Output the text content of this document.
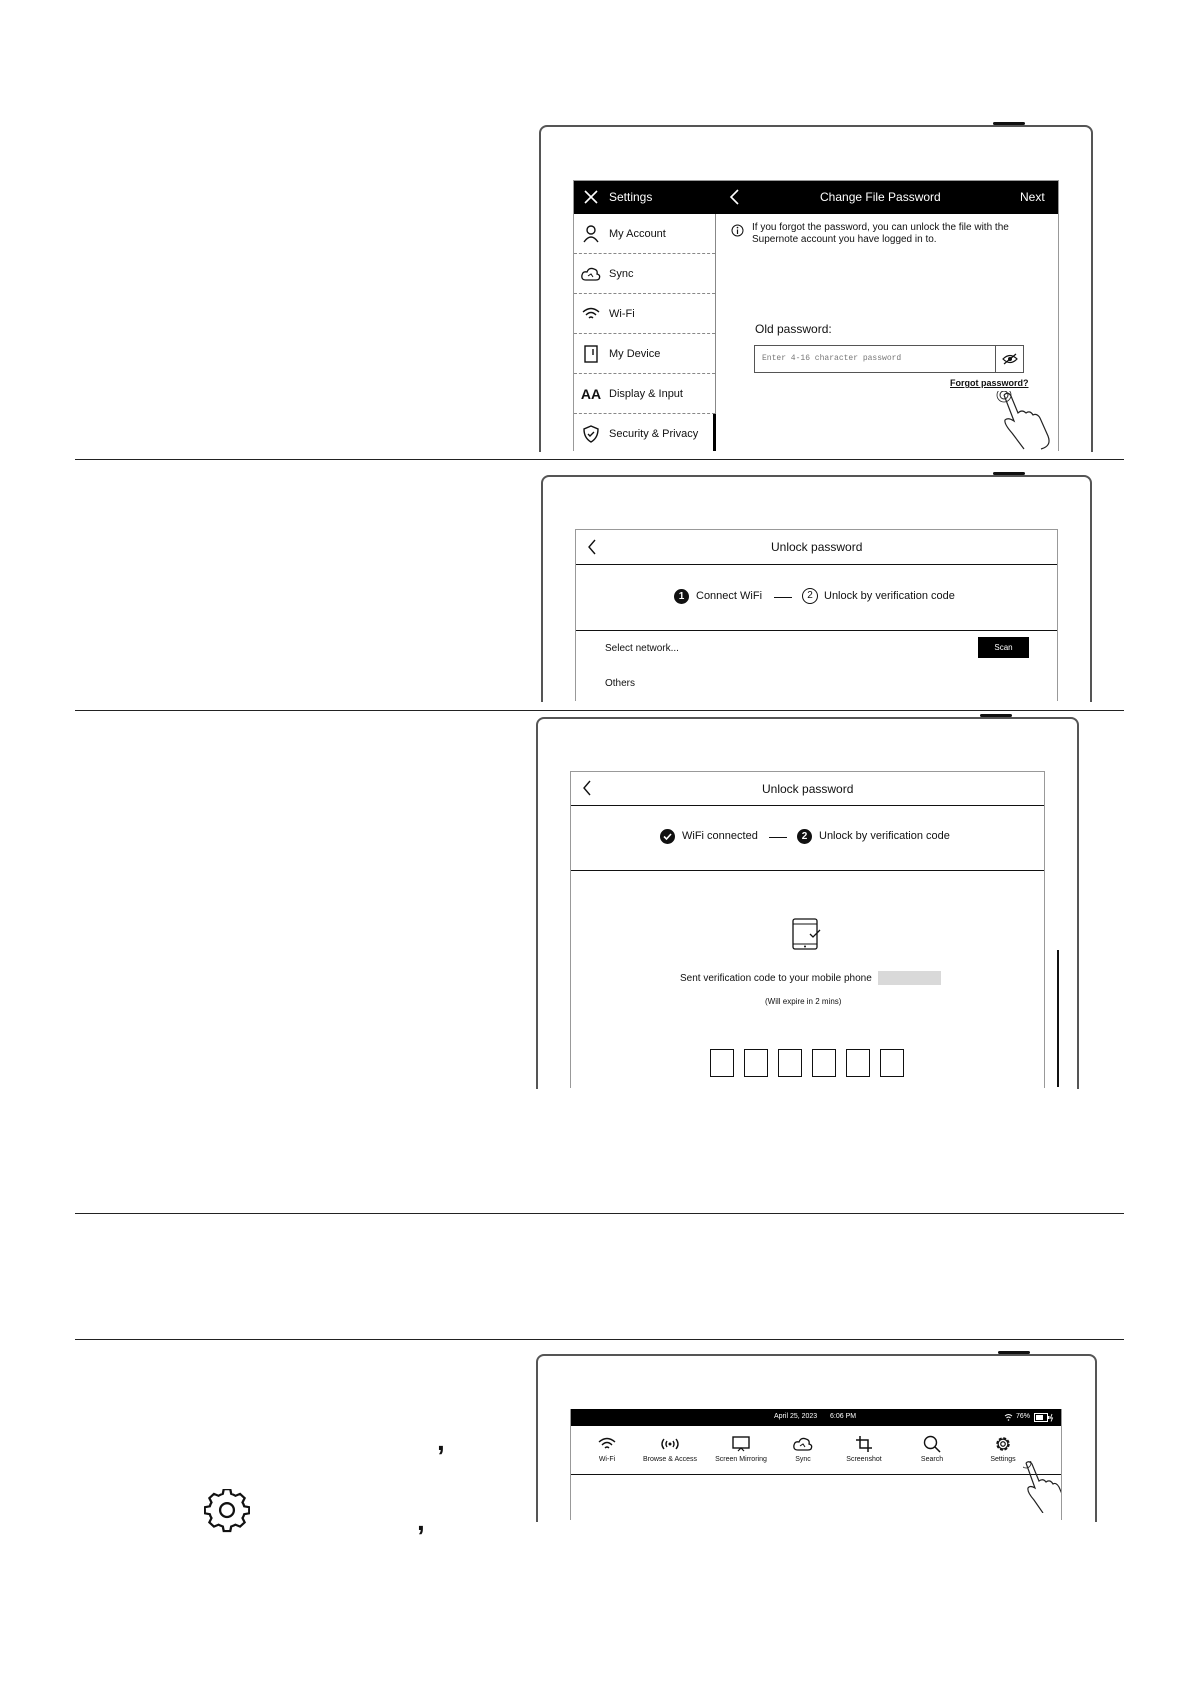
Settings	Change File Password	Next
My Account
Sync
Wi-Fi
My Device
AA Display & Input
Security & Privacy
If you forgot the password, you can unlock the file with the
Supernote account you have logged in to.
Old password:
Enter 4-16 character password
Forgot password?
Unlock password
1	Connect WiFi	2	Unlock by verification code
Select network...	Scan
Others
Unlock password
WiFi connected	2	Unlock by verification code
Sent verification code to your mobile phone
(Will expire in 2 mins)
,
,
April 25, 2023 6:06 PM	76%
Wi-Fi	Browse & Access	Screen Mirroring	Sync	Screenshot	Search	Settings
